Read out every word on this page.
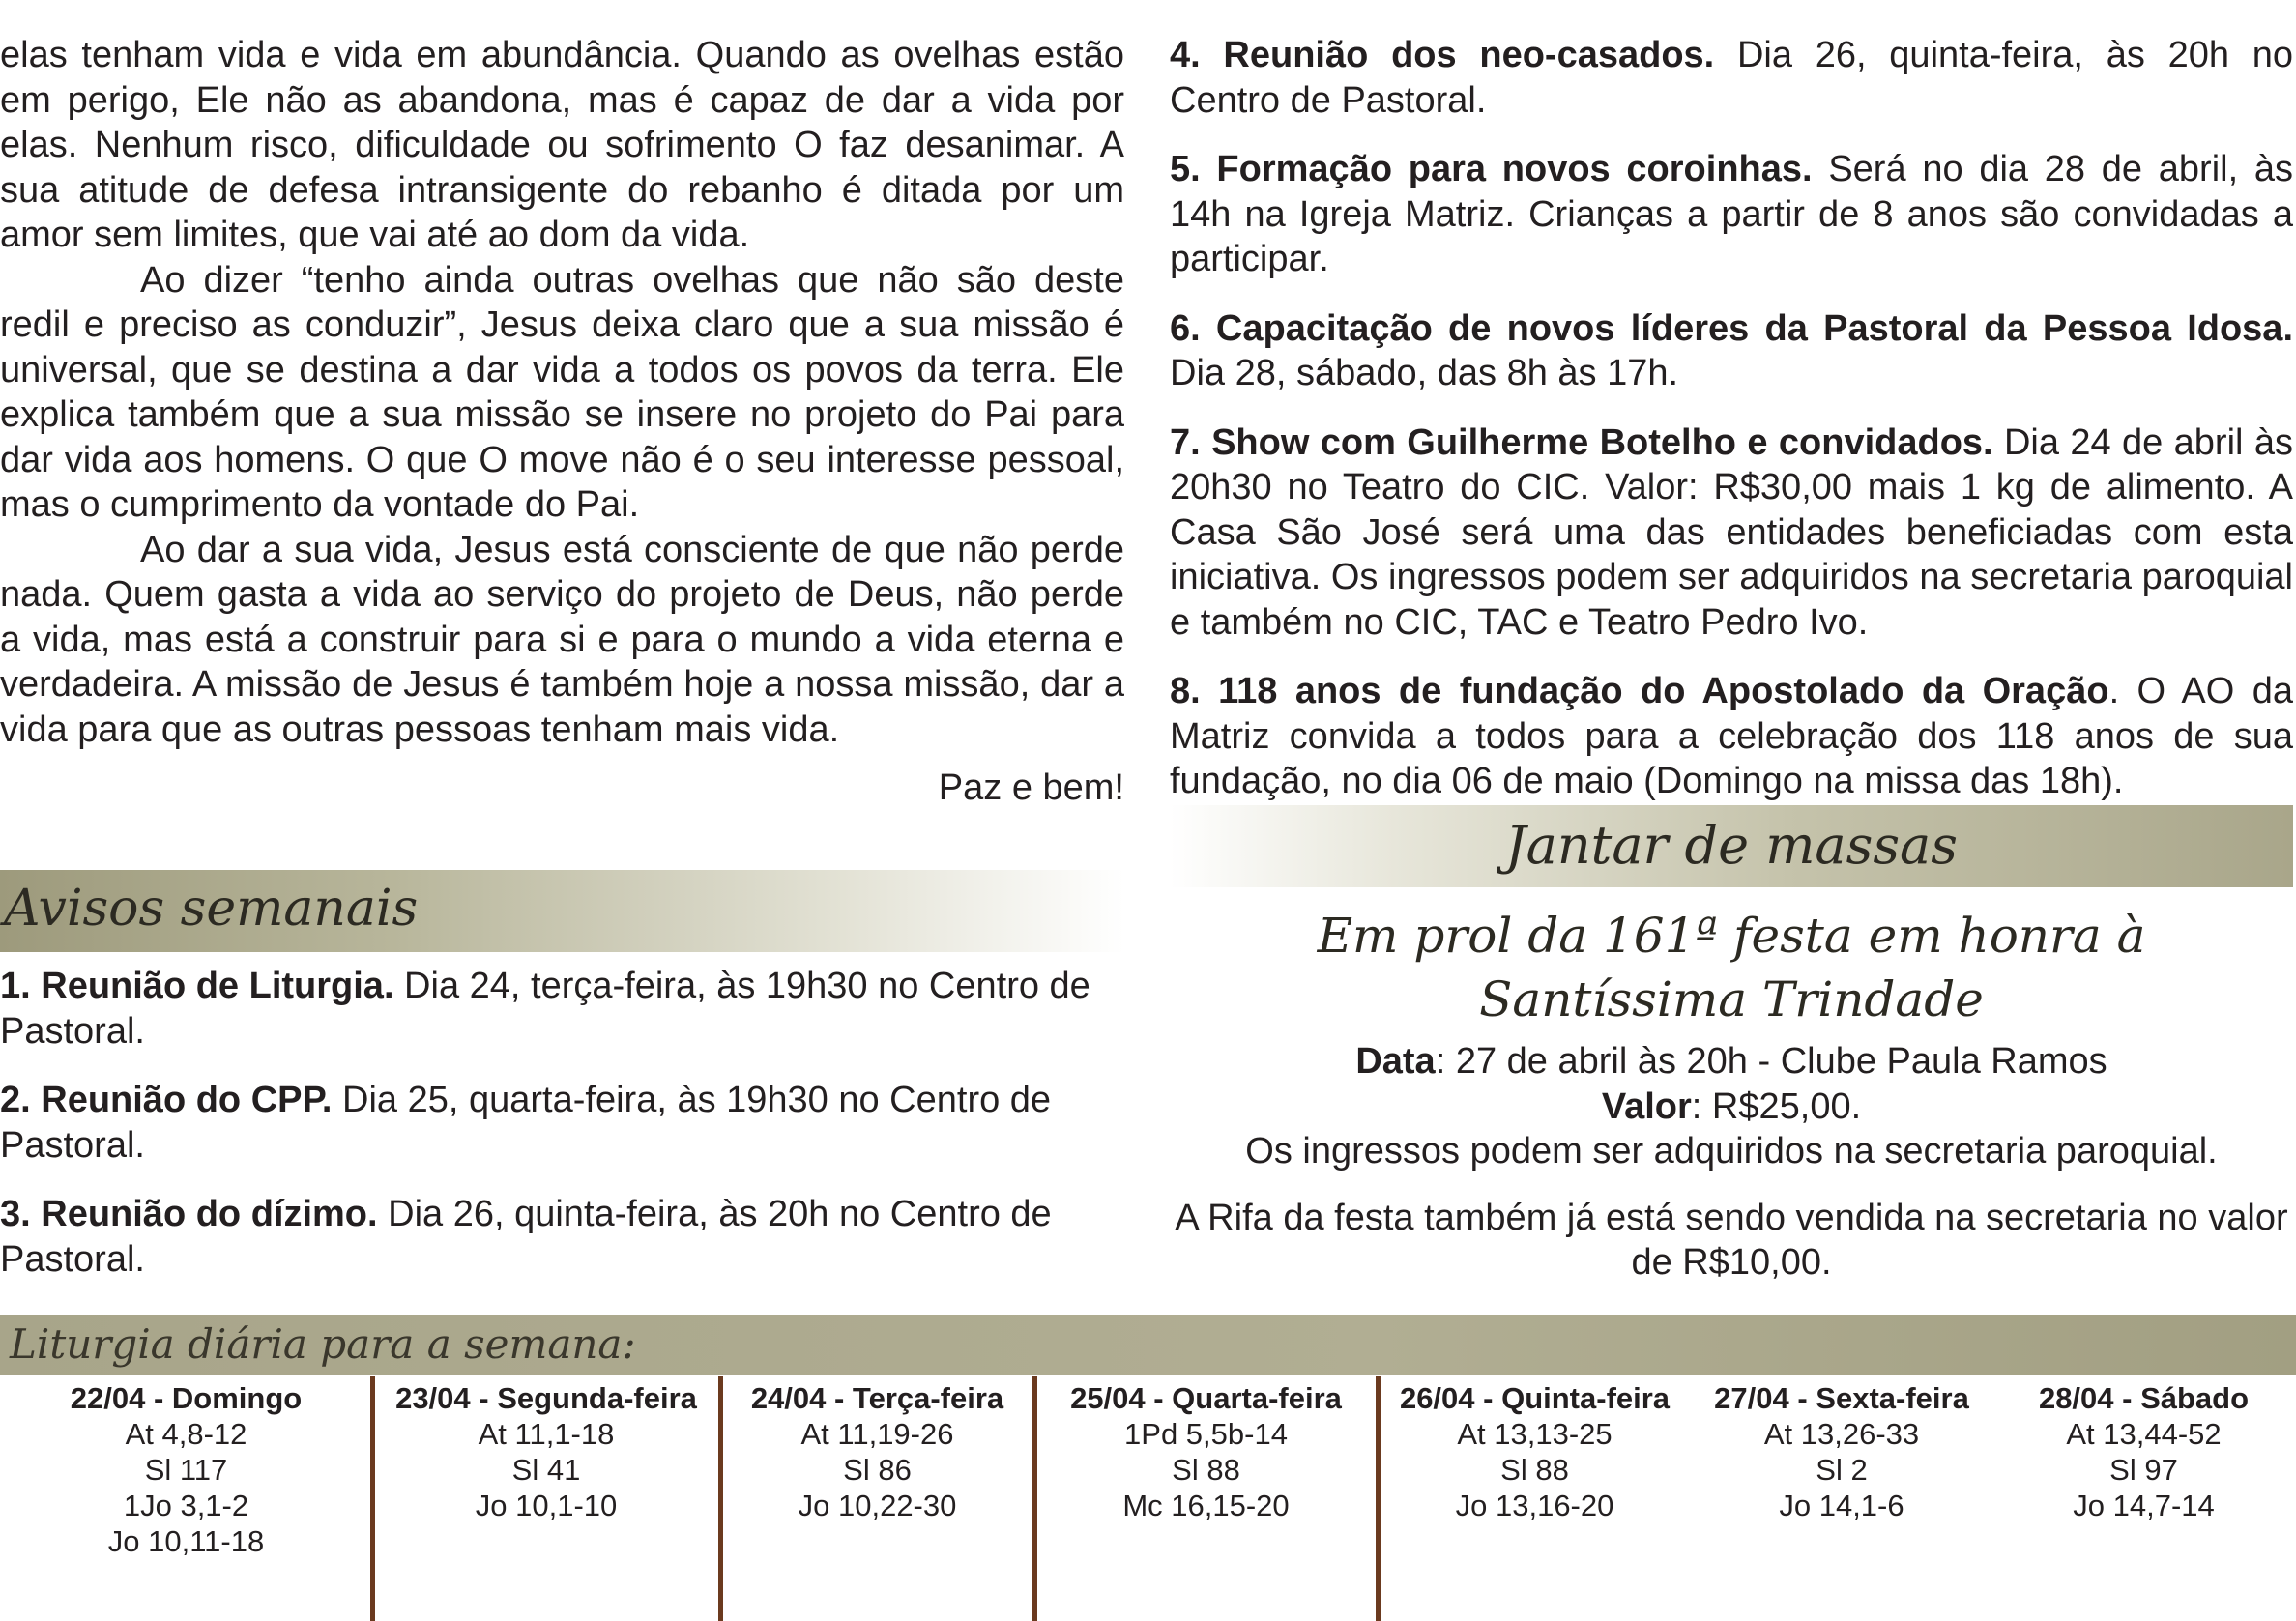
elas tenham vida e vida em abundância. Quando as ovelhas estão em perigo, Ele não as abandona, mas é capaz de dar a vida por elas. Nenhum risco, dificuldade ou sofrimento O faz desanimar. A sua atitude de defesa intransigente do rebanho é ditada por um amor sem limites, que vai até ao dom da vida.

Ao dizer “tenho ainda outras ovelhas que não são deste redil e preciso as conduzir”, Jesus deixa claro que a sua missão é universal, que se destina a dar vida a todos os povos da terra. Ele explica também que a sua missão se insere no projeto do Pai para dar vida aos homens. O que O move não é o seu interesse pessoal, mas o cumprimento da vontade do Pai.

Ao dar a sua vida, Jesus está consciente de que não perde nada. Quem gasta a vida ao serviço do projeto de Deus, não perde a vida, mas está a construir para si e para o mundo a vida eterna e verdadeira. A missão de Jesus é também hoje a nossa missão, dar a vida para que as outras pessoas tenham mais vida.

Paz e bem!

Avisos semanais

1. Reunião de Liturgia. Dia 24, terça-feira, às 19h30 no Centro de Pastoral.

2. Reunião do CPP. Dia 25, quarta-feira, às 19h30 no Centro de Pastoral.

3. Reunião do dízimo. Dia 26, quinta-feira, às 20h no Centro de Pastoral.

4. Reunião dos neo-casados. Dia 26, quinta-feira, às 20h no Centro de Pastoral.

5. Formação para novos coroinhas. Será no dia 28 de abril, às 14h na Igreja Matriz. Crianças a partir de 8 anos são convidadas a participar.

6. Capacitação de novos líderes da Pastoral da Pessoa Idosa. Dia 28, sábado, das 8h às 17h.

7. Show com Guilherme Botelho e convidados. Dia 24 de abril às 20h30 no Teatro do CIC. Valor: R$30,00 mais 1 kg de alimento. A Casa São José será uma das entidades beneficiadas com esta iniciativa. Os ingressos podem ser adquiridos na secretaria paroquial e também no CIC, TAC e Teatro Pedro Ivo.

8. 118 anos de fundação do Apostolado da Oração. O AO da Matriz convida a todos para a celebração dos 118 anos de sua fundação, no dia 06 de maio (Domingo na missa das 18h).

Jantar de massas
Em prol da 161ª festa em honra à
Santíssima Trindade
Data: 27 de abril às 20h - Clube Paula Ramos
Valor: R$25,00.
Os ingressos podem ser adquiridos na secretaria paroquial.
A Rifa da festa também já está sendo vendida na secretaria no valor de R$10,00.
Liturgia diária para a semana:
22/04 - Domingo
At 4,8-12
Sl 117
1Jo 3,1-2
Jo 10,11-18
23/04 - Segunda-feira
At 11,1-18
Sl 41
Jo 10,1-10
24/04 - Terça-feira
At 11,19-26
Sl 86
Jo 10,22-30
25/04 - Quarta-feira
1Pd 5,5b-14
Sl 88
Mc 16,15-20
26/04 - Quinta-feira
At 13,13-25
Sl 88
Jo 13,16-20
27/04 - Sexta-feira
At 13,26-33
Sl 2
Jo 14,1-6
28/04 - Sábado
At 13,44-52
Sl 97
Jo 14,7-14
